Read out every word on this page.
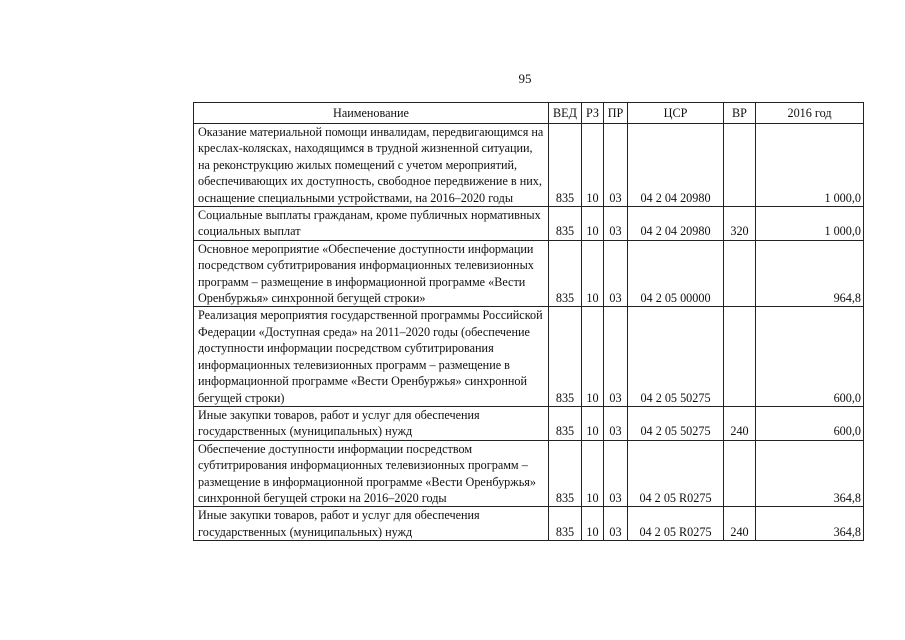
95
Наименование	ВЕД	РЗ	ПР	ЦСР	ВР	2016 год
Оказание материальной помощи инвалидам, передвигающимся на креслах-колясках, находящимся в трудной жизненной ситуации, на реконструкцию жилых помещений с учетом мероприятий, обеспечивающих их доступность, свободное передвижение в них, оснащение специальными устройствами, на 2016–2020 годы	835	10	03	04 2 04 20980		1 000,0
Социальные выплаты гражданам, кроме публичных нормативных социальных выплат	835	10	03	04 2 04 20980	320	1 000,0
Основное мероприятие «Обеспечение доступности информации посредством субтитрирования информационных телевизионных программ – размещение в информационной программе «Вести Оренбуржья» синхронной бегущей строки»	835	10	03	04 2 05 00000		964,8
Реализация мероприятия государственной программы Российской Федерации «Доступная среда» на 2011–2020 годы (обеспечение доступности информации посредством субтитрирования информационных телевизионных программ – размещение в информационной программе «Вести Оренбуржья» синхронной бегущей строки)	835	10	03	04 2 05 50275		600,0
Иные закупки товаров, работ и услуг для обеспечения государственных (муниципальных) нужд	835	10	03	04 2 05 50275	240	600,0
Обеспечение доступности информации посредством субтитрирования информационных телевизионных программ – размещение в информационной программе «Вести Оренбуржья» синхронной бегущей строки на 2016–2020 годы	835	10	03	04 2 05 R0275		364,8
Иные закупки товаров, работ и услуг для обеспечения государственных (муниципальных) нужд	835	10	03	04 2 05 R0275	240	364,8
